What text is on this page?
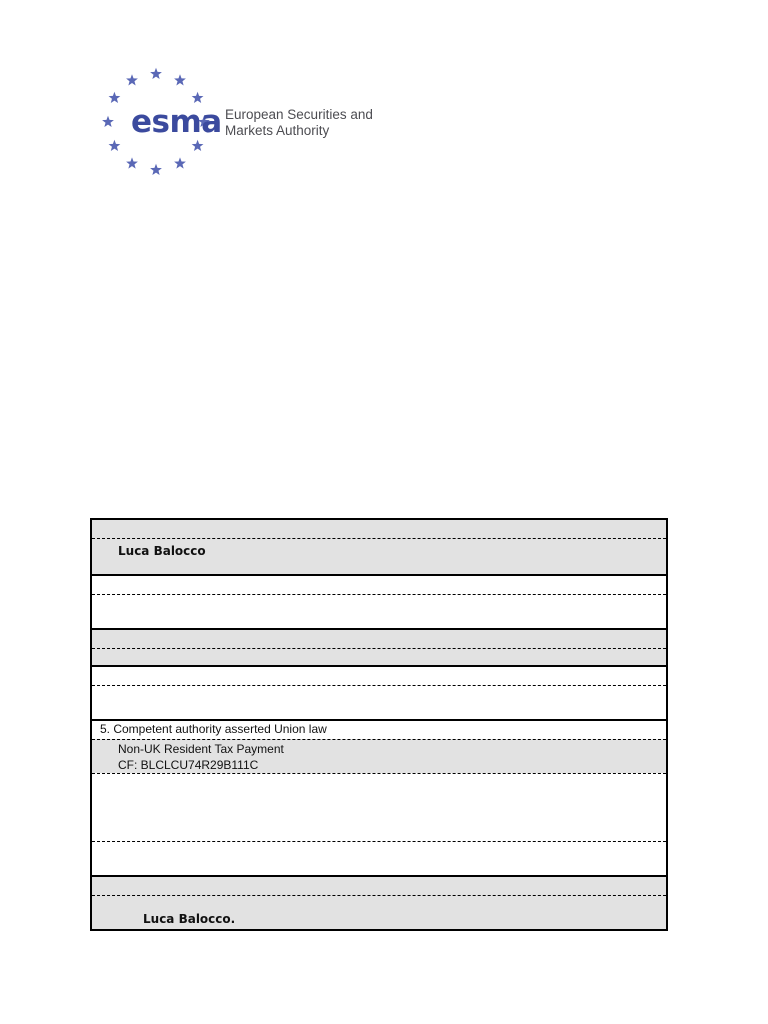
esma European Securities and
Markets Authority
Luca Balocco
5. Competent authority asserted Union law
Non-UK Resident Tax Payment
CF: BLCLCU74R29B111C
Luca Balocco.
